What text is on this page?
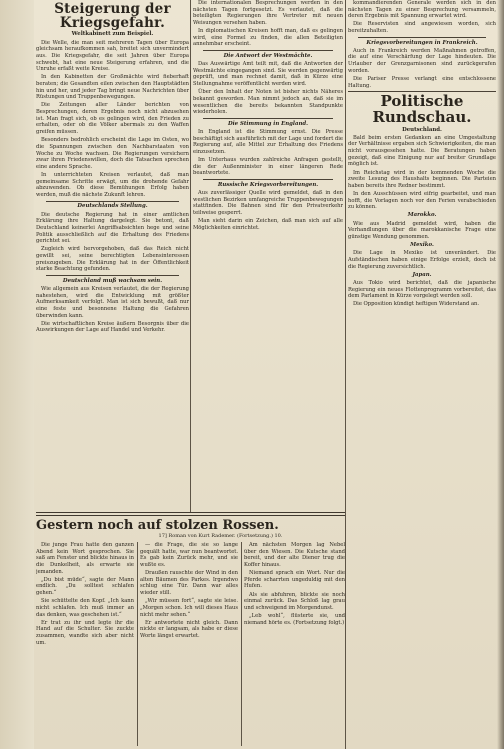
Steigerung der Kriegsgefahr.
Weltkabinett zum Beispiel.

Die Welle, die man seit mehreren Tagen über Europa gleichsam heraufkommen sah, breitet sich unvermindert aus. Die Kriegsgefahr, die seit Jahren über Europa schwebt, hat eine neue Steigerung erfahren, und die Unruhe erfaßt weite Kreise.

In den Kabinetten der Großmächte wird fieberhaft beraten; die Gesandten eilen zwischen den Hauptstädten hin und her, und jeder Tag bringt neue Nachrichten über Rüstungen und Truppenbewegungen.

Die Zeitungen aller Länder berichten von Besprechungen, deren Ergebnis noch nicht abzusehen ist. Man fragt sich, ob es gelingen wird, den Frieden zu erhalten, oder ob die Völker abermals zu den Waffen greifen müssen.

Besonders bedrohlich erscheint die Lage im Osten, wo die Spannungen zwischen den Nachbarstaaten von Woche zu Woche wachsen. Die Regierungen versichern zwar ihren Friedenswillen, doch die Tatsachen sprechen eine andere Sprache.

In unterrichteten Kreisen verlautet, daß man gemeinsame Schritte erwägt, um die drohende Gefahr abzuwenden. Ob diese Bemühungen Erfolg haben werden, muß die nächste Zukunft lehren.

Deutschlands Stellung.

Die deutsche Regierung hat in einer amtlichen Erklärung ihre Haltung dargelegt. Sie betont, daß Deutschland keinerlei Angriffsabsichten hege und seine Politik ausschließlich auf die Erhaltung des Friedens gerichtet sei.

Zugleich wird hervorgehoben, daß das Reich nicht gewillt sei, seine berechtigten Lebensinteressen preiszugeben. Die Erklärung hat in der Öffentlichkeit starke Beachtung gefunden.

Deutschland muß wachsam sein.

Wie allgemein aus Kreisen verlautet, die der Regierung nahestehen, wird die Entwicklung mit größter Aufmerksamkeit verfolgt. Man ist sich bewußt, daß nur eine feste und besonnene Haltung die Gefahren überwinden kann.

Die wirtschaftlichen Kreise äußern Besorgnis über die Auswirkungen der Lage auf Handel und Verkehr.

Die internationalen Besprechungen werden in den nächsten Tagen fortgesetzt. Es verlautet, daß die beteiligten Regierungen ihre Vertreter mit neuen Weisungen versehen haben.

In diplomatischen Kreisen hofft man, daß es gelingen wird, eine Formel zu finden, die allen Beteiligten annehmbar erscheint.

Die Antwort der Westmächte.

Das Auswärtige Amt teilt mit, daß die Antworten der Westmächte eingegangen sind. Sie werden gegenwärtig geprüft, und man rechnet damit, daß in Kürze eine Stellungnahme veröffentlicht werden wird.

Über den Inhalt der Noten ist bisher nichts Näheres bekannt geworden. Man nimmt jedoch an, daß sie im wesentlichen die bereits bekannten Standpunkte wiederholen.

Die Stimmung in England.

In England ist die Stimmung ernst. Die Presse beschäftigt sich ausführlich mit der Lage und fordert die Regierung auf, alle Mittel zur Erhaltung des Friedens einzusetzen.

Im Unterhaus wurden zahlreiche Anfragen gestellt, die der Außenminister in einer längeren Rede beantwortete.

Russische Kriegsvorbereitungen.

Aus zuverlässiger Quelle wird gemeldet, daß in den westlichen Bezirken umfangreiche Truppenbewegungen stattfinden. Die Bahnen sind für den Privatverkehr teilweise gesperrt.

Man sieht darin ein Zeichen, daß man sich auf alle Möglichkeiten einrichtet.

kommandierenden Generale werden sich in den nächsten Tagen zu einer Besprechung versammeln, deren Ergebnis mit Spannung erwartet wird.

Die Reservisten sind angewiesen worden, sich bereitzuhalten.

Kriegsvorbereitungen in Frankreich.

Auch in Frankreich werden Maßnahmen getroffen, die auf eine Verschärfung der Lage hindeuten. Die Urlauber der Grenzgarnisonen sind zurückgerufen worden.

Die Pariser Presse verlangt eine entschlossene Haltung.

Politische Rundschau.
Deutschland.

Bald beim ersten Gedanken an eine Umgestaltung der Verhältnisse ergaben sich Schwierigkeiten, die man nicht vorausgesehen hatte. Die Beratungen haben gezeigt, daß eine Einigung nur auf breiter Grundlage möglich ist.

Im Reichstag wird in der kommenden Woche die zweite Lesung des Haushalts beginnen. Die Parteien haben bereits ihre Redner bestimmt.

In den Ausschüssen wird eifrig gearbeitet, und man hofft, die Vorlagen noch vor den Ferien verabschieden zu können.

Marokko.

Wie aus Madrid gemeldet wird, haben die Verhandlungen über die marokkanische Frage eine günstige Wendung genommen.

Mexiko.

Die Lage in Mexiko ist unverändert. Die Aufständischen haben einige Erfolge erzielt, doch ist die Regierung zuversichtlich.

Japan.

Aus Tokio wird berichtet, daß die japanische Regierung ein neues Flottenprogramm vorbereitet, das dem Parlament in Kürze vorgelegt werden soll.

Die Opposition kündigt heftigen Widerstand an.

Gestern noch auf stolzen Rossen.
17] Roman von Kurt Rademer. (Fortsetzung.) 10.

Die junge Frau hatte den ganzen Abend kein Wort gesprochen. Sie saß am Fenster und blickte hinaus in die Dunkelheit, als erwarte sie jemanden.

„Du bist müde“, sagte der Mann endlich. „Du solltest schlafen gehen.“

Sie schüttelte den Kopf. „Ich kann nicht schlafen. Ich muß immer an das denken, was geschehen ist.“

Er trat zu ihr und legte ihr die Hand auf die Schulter. Sie zuckte zusammen, wandte sich aber nicht um.

— die Frage, die sie so lange gequält hatte, war nun beantwortet. Es gab kein Zurück mehr, und sie wußte es.

Draußen rauschte der Wind in den alten Bäumen des Parkes. Irgendwo schlug eine Tür. Dann war alles wieder still.

„Wir müssen fort“, sagte sie leise. „Morgen schon. Ich will dieses Haus nicht mehr sehen.“

Er antwortete nicht gleich. Dann nickte er langsam, als habe er diese Worte längst erwartet.

Am nächsten Morgen lag Nebel über den Wiesen. Die Kutsche stand bereit, und der alte Diener trug die Koffer hinaus.

Niemand sprach ein Wort. Nur die Pferde scharrten ungeduldig mit den Hufen.

Als sie abfuhren, blickte sie noch einmal zurück. Das Schloß lag grau und schweigend im Morgendunst.

„Leb wohl“, flüsterte sie, und niemand hörte es. (Fortsetzung folgt.)
